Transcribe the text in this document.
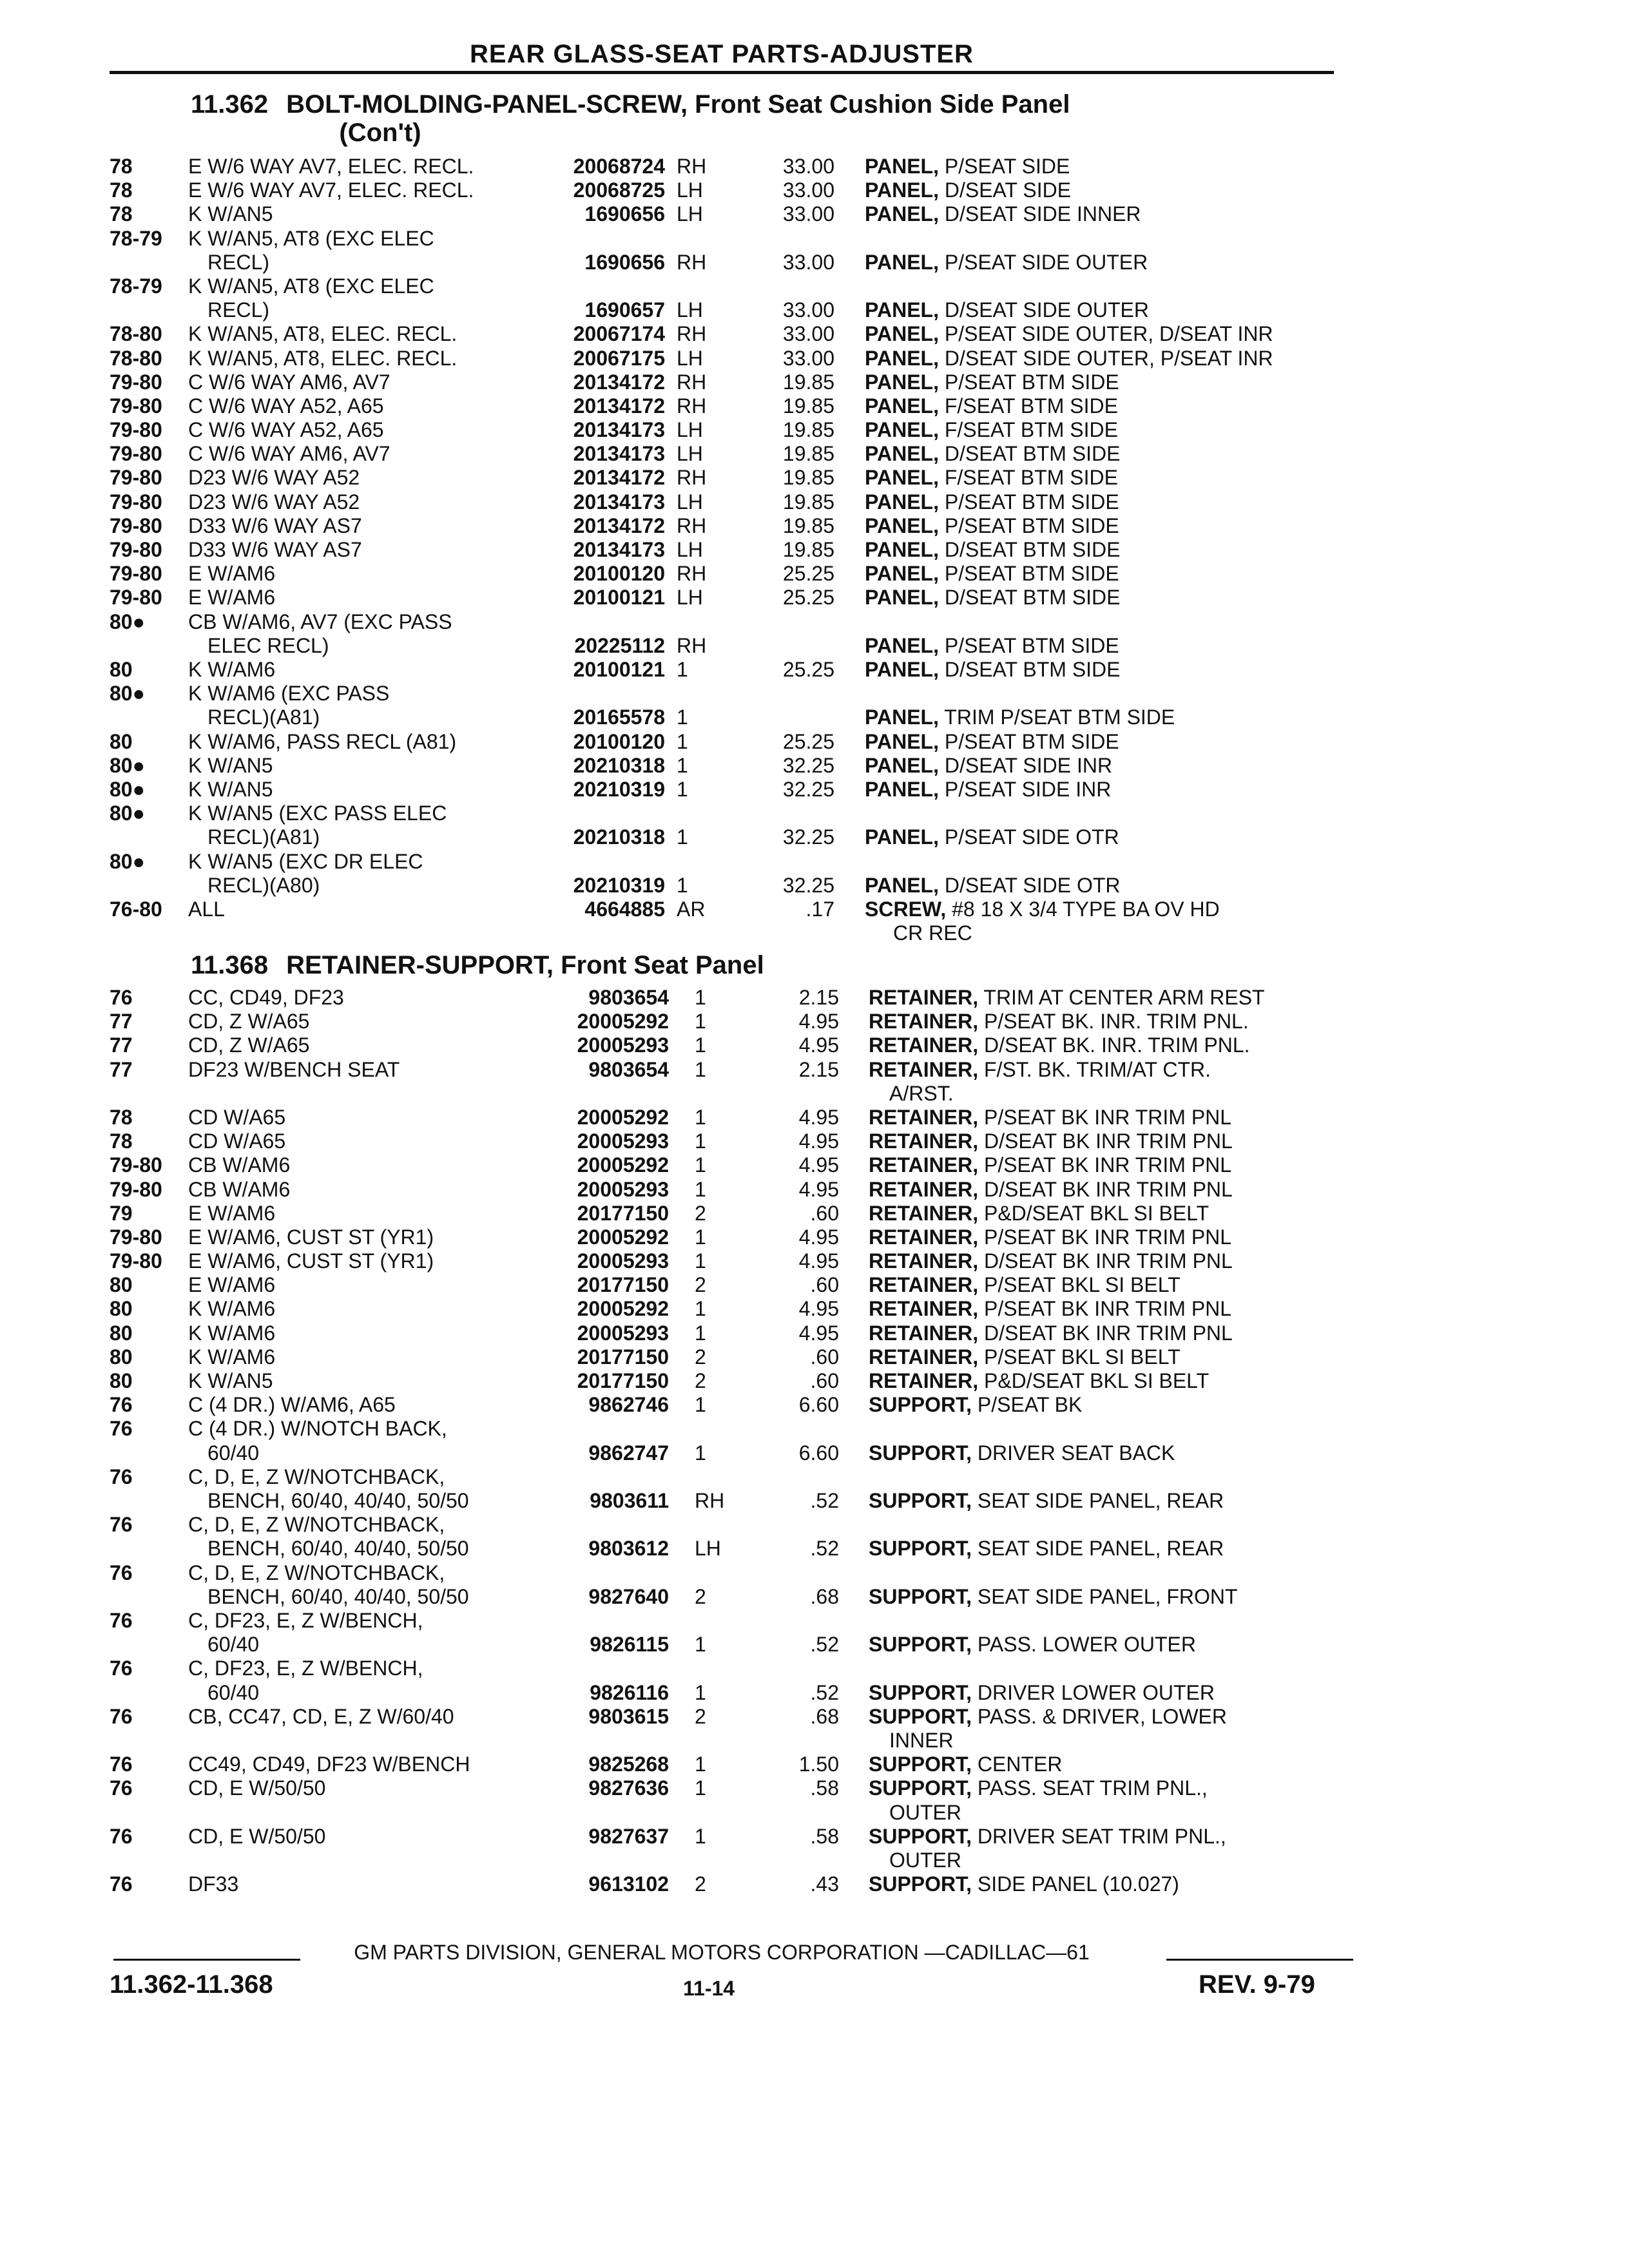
REAR GLASS-SEAT PARTS-ADJUSTER
11.362 BOLT-MOLDING-PANEL-SCREW, Front Seat Cushion Side Panel
(Con't)
78	E W/6 WAY AV7, ELEC. RECL.	20068724 RH	33.00 PANEL, P/SEAT SIDE
78	E W/6 WAY AV7, ELEC. RECL.	20068725 LH	33.00 PANEL, D/SEAT SIDE
78	K W/AN5	1690656 LH	33.00 PANEL, D/SEAT SIDE INNER
78-79 K W/AN5, AT8 (EXC ELEC
RECL)	1690656 RH	33.00 PANEL, P/SEAT SIDE OUTER
78-79 K W/AN5, AT8 (EXC ELEC
RECL)	1690657 LH	33.00 PANEL, D/SEAT SIDE OUTER
78-80 K W/AN5, AT8, ELEC. RECL.	20067174 RH	33.00 PANEL, P/SEAT SIDE OUTER, D/SEAT INR
78-80 K W/AN5, AT8, ELEC. RECL.	20067175 LH	33.00 PANEL, D/SEAT SIDE OUTER, P/SEAT INR
79-80 C W/6 WAY AM6, AV7	20134172 RH	19.85 PANEL, P/SEAT BTM SIDE
79-80 C W/6 WAY A52, A65	20134172 RH	19.85 PANEL, F/SEAT BTM SIDE
79-80 C W/6 WAY A52, A65	20134173 LH	19.85 PANEL, F/SEAT BTM SIDE
79-80 C W/6 WAY AM6, AV7	20134173 LH	19.85 PANEL, D/SEAT BTM SIDE
79-80 D23 W/6 WAY A52	20134172 RH	19.85 PANEL, F/SEAT BTM SIDE
79-80 D23 W/6 WAY A52	20134173 LH	19.85 PANEL, P/SEAT BTM SIDE
79-80 D33 W/6 WAY AS7	20134172 RH	19.85 PANEL, P/SEAT BTM SIDE
79-80 D33 W/6 WAY AS7	20134173 LH	19.85 PANEL, D/SEAT BTM SIDE
79-80 E W/AM6	20100120 RH	25.25 PANEL, P/SEAT BTM SIDE
79-80 E W/AM6	20100121 LH	25.25 PANEL, D/SEAT BTM SIDE
80● CB W/AM6, AV7 (EXC PASS
ELEC RECL)	20225112 RH	PANEL, P/SEAT BTM SIDE
80	K W/AM6	20100121 1	25.25 PANEL, D/SEAT BTM SIDE
80● K W/AM6 (EXC PASS
RECL)(A81)	20165578 1	PANEL, TRIM P/SEAT BTM SIDE
80	K W/AM6, PASS RECL (A81)	20100120 1	25.25 PANEL, P/SEAT BTM SIDE
80● K W/AN5	20210318 1	32.25 PANEL, D/SEAT SIDE INR
80● K W/AN5	20210319 1	32.25 PANEL, P/SEAT SIDE INR
80● K W/AN5 (EXC PASS ELEC
RECL)(A81)	20210318 1	32.25 PANEL, P/SEAT SIDE OTR
80● K W/AN5 (EXC DR ELEC
RECL)(A80)	20210319 1	32.25 PANEL, D/SEAT SIDE OTR
76-80 ALL	4664885 AR	.17 SCREW, #8 18 X 3/4 TYPE BA OV HD
CR REC
11.368 RETAINER-SUPPORT, Front Seat Panel
76	CC, CD49, DF23	9803654 1	2.15 RETAINER, TRIM AT CENTER ARM REST
77	CD, Z W/A65	20005292 1	4.95 RETAINER, P/SEAT BK. INR. TRIM PNL.
77	CD, Z W/A65	20005293 1	4.95 RETAINER, D/SEAT BK. INR. TRIM PNL.
77	DF23 W/BENCH SEAT	9803654 1	2.15 RETAINER, F/ST. BK. TRIM/AT CTR.
A/RST.
78	CD W/A65	20005292 1	4.95 RETAINER, P/SEAT BK INR TRIM PNL
78	CD W/A65	20005293 1	4.95 RETAINER, D/SEAT BK INR TRIM PNL
79-80 CB W/AM6	20005292 1	4.95 RETAINER, P/SEAT BK INR TRIM PNL
79-80 CB W/AM6	20005293 1	4.95 RETAINER, D/SEAT BK INR TRIM PNL
79	E W/AM6	20177150 2	.60 RETAINER, P&D/SEAT BKL SI BELT
79-80 E W/AM6, CUST ST (YR1)	20005292 1	4.95 RETAINER, P/SEAT BK INR TRIM PNL
79-80 E W/AM6, CUST ST (YR1)	20005293 1	4.95 RETAINER, D/SEAT BK INR TRIM PNL
80	E W/AM6	20177150 2	.60 RETAINER, P/SEAT BKL SI BELT
80	K W/AM6	20005292 1	4.95 RETAINER, P/SEAT BK INR TRIM PNL
80	K W/AM6	20005293 1	4.95 RETAINER, D/SEAT BK INR TRIM PNL
80	K W/AM6	20177150 2	.60 RETAINER, P/SEAT BKL SI BELT
80	K W/AN5	20177150 2	.60 RETAINER, P&D/SEAT BKL SI BELT
76	C (4 DR.) W/AM6, A65	9862746 1	6.60 SUPPORT, P/SEAT BK
76	C (4 DR.) W/NOTCH BACK,
60/40	9862747 1	6.60 SUPPORT, DRIVER SEAT BACK
76	C, D, E, Z W/NOTCHBACK,
BENCH, 60/40, 40/40, 50/50	9803611 RH	.52 SUPPORT, SEAT SIDE PANEL, REAR
76	C, D, E, Z W/NOTCHBACK,
BENCH, 60/40, 40/40, 50/50	9803612 LH	.52 SUPPORT, SEAT SIDE PANEL, REAR
76	C, D, E, Z W/NOTCHBACK,
BENCH, 60/40, 40/40, 50/50	9827640 2	.68 SUPPORT, SEAT SIDE PANEL, FRONT
76	C, DF23, E, Z W/BENCH,
60/40	9826115 1	.52 SUPPORT, PASS. LOWER OUTER
76	C, DF23, E, Z W/BENCH,
60/40	9826116 1	.52 SUPPORT, DRIVER LOWER OUTER
76	CB, CC47, CD, E, Z W/60/40	9803615 2	.68 SUPPORT, PASS. & DRIVER, LOWER
INNER
76	CC49, CD49, DF23 W/BENCH	9825268 1	1.50 SUPPORT, CENTER
76	CD, E W/50/50	9827636 1	.58 SUPPORT, PASS. SEAT TRIM PNL.,
OUTER
76	CD, E W/50/50	9827637 1	.58 SUPPORT, DRIVER SEAT TRIM PNL.,
OUTER
76	DF33	9613102 2	.43 SUPPORT, SIDE PANEL (10.027)
GM PARTS DIVISION, GENERAL MOTORS CORPORATION —CADILLAC—61
11.362-11.368	11-14	REV. 9-79
